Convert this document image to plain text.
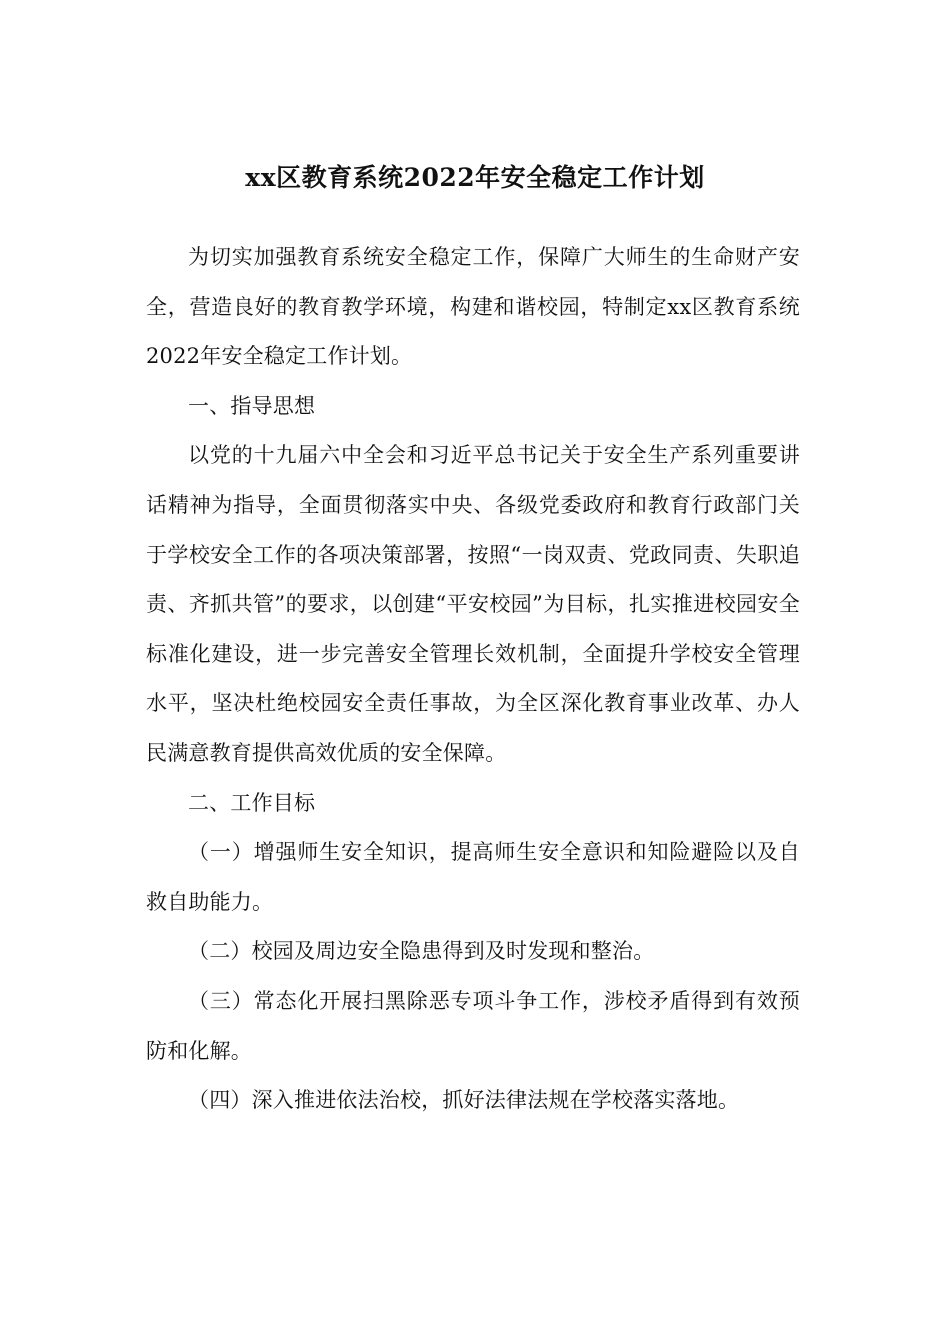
xx区教育系统2022年安全稳定工作计划

为切实加强教育系统安全稳定工作，保障广大师生的生命财产安全，营造良好的教育教学环境，构建和谐校园，特制定xx区教育系统2022年安全稳定工作计划。

一、指导思想

以党的十九届六中全会和习近平总书记关于安全生产系列重要讲话精神为指导，全面贯彻落实中央、各级党委政府和教育行政部门关于学校安全工作的各项决策部署，按照“一岗双责、党政同责、失职追责、齐抓共管”的要求，以创建“平安校园”为目标，扎实推进校园安全标准化建设，进一步完善安全管理长效机制，全面提升学校安全管理水平，坚决杜绝校园安全责任事故，为全区深化教育事业改革、办人民满意教育提供高效优质的安全保障。

二、工作目标

（一）增强师生安全知识，提高师生安全意识和知险避险以及自救自助能力。

（二）校园及周边安全隐患得到及时发现和整治。

（三）常态化开展扫黑除恶专项斗争工作，涉校矛盾得到有效预防和化解。

（四）深入推进依法治校，抓好法律法规在学校落实落地。
